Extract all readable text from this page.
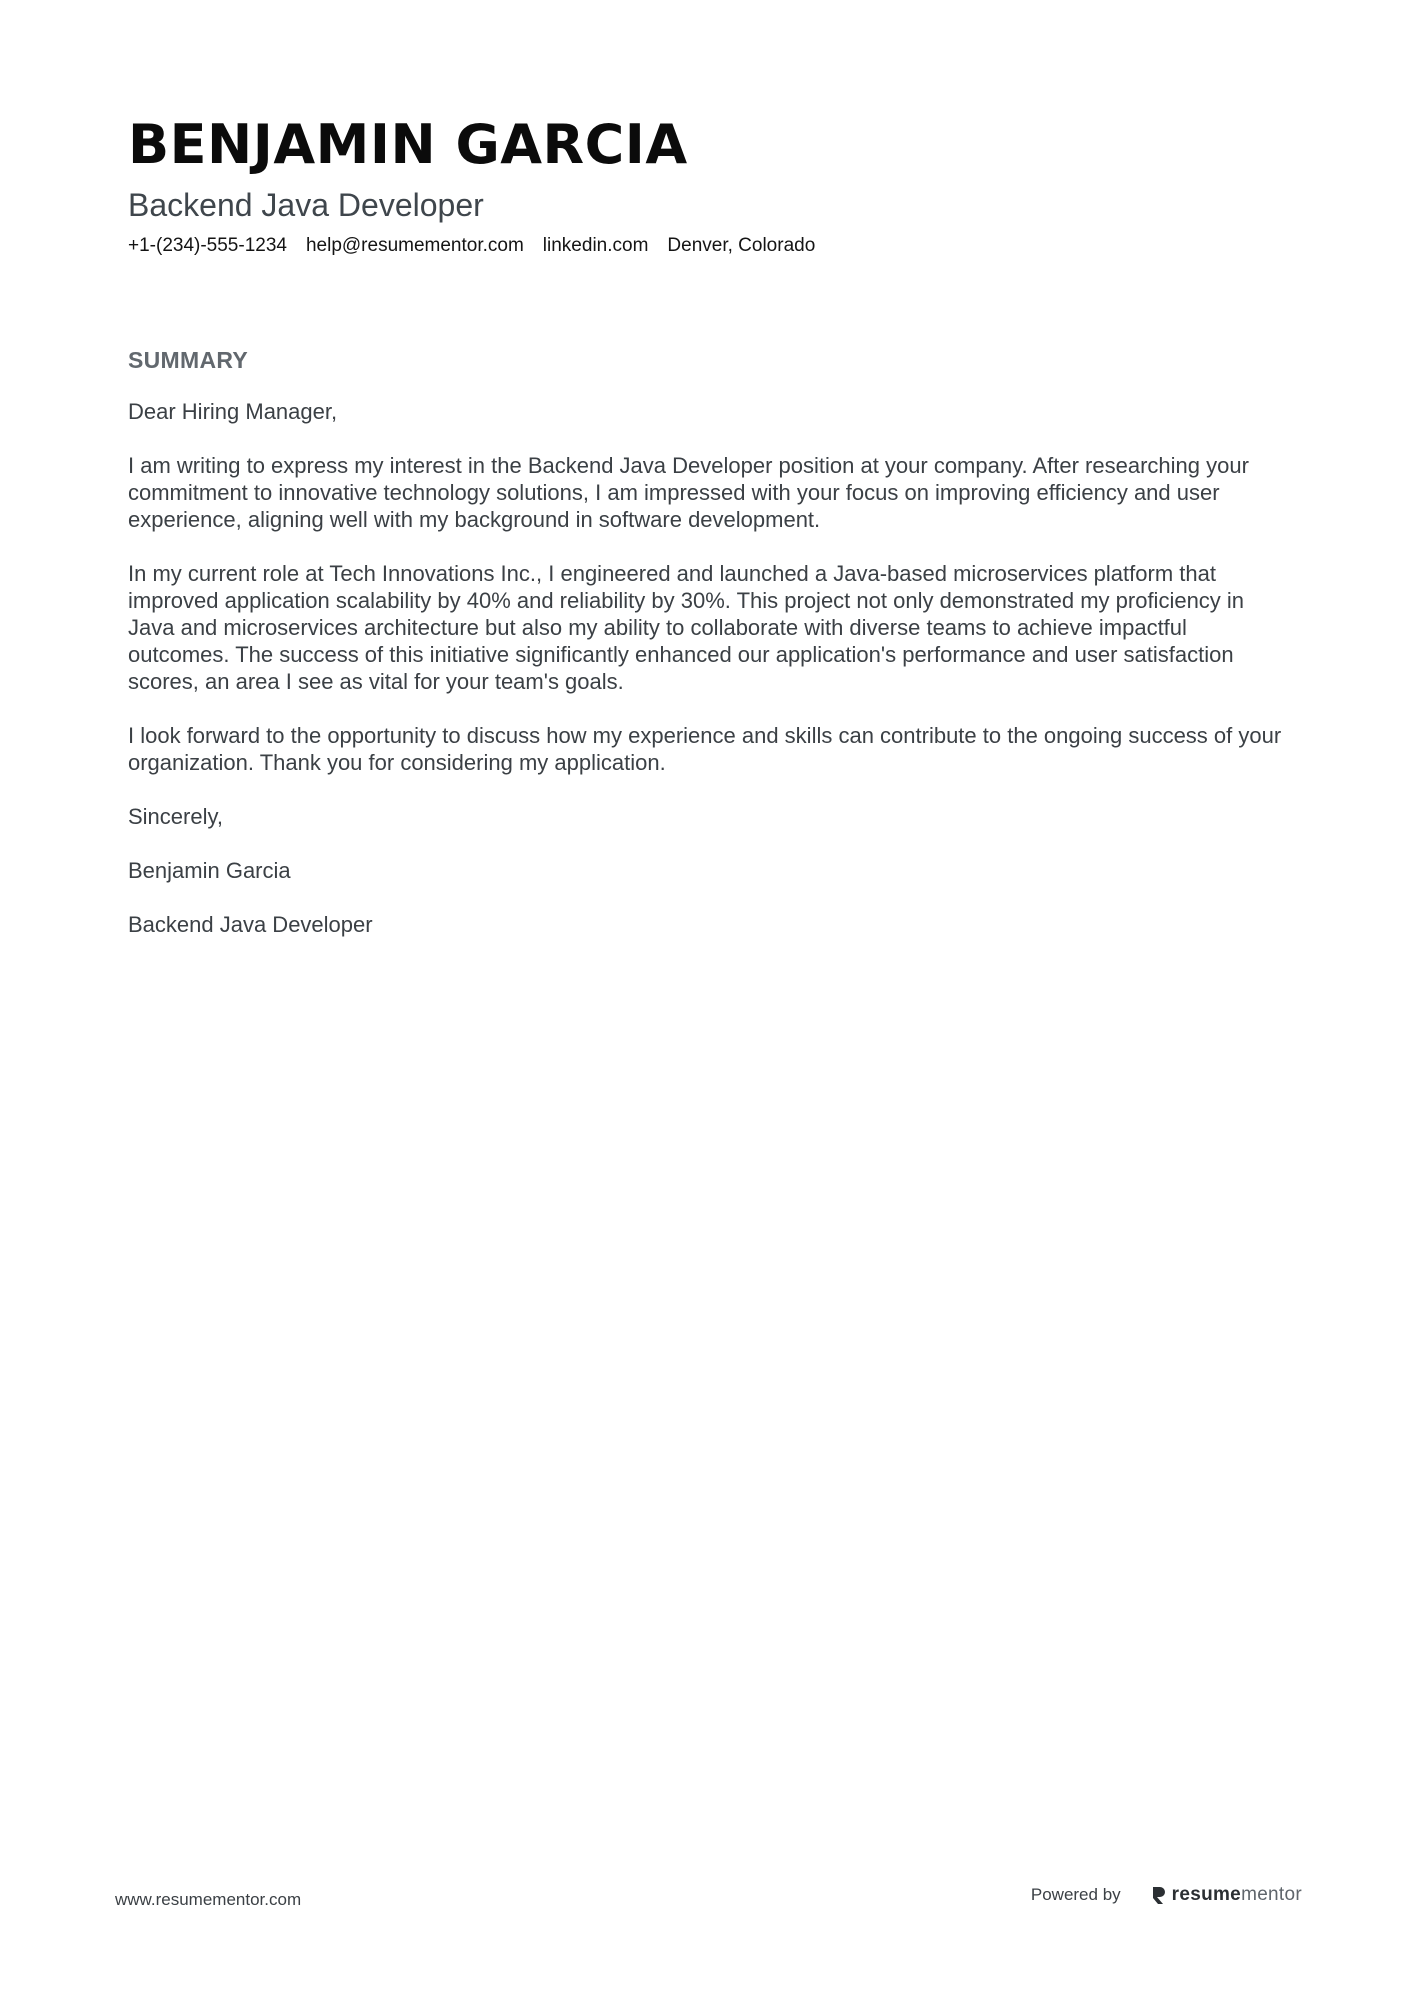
BENJAMIN GARCIA
Backend Java Developer
+1-(234)-555-1234 help@resumementor.com linkedin.com Denver, Colorado
SUMMARY

Dear Hiring Manager,

I am writing to express my interest in the Backend Java Developer position at your company. After researching your commitment to innovative technology solutions, I am impressed with your focus on improving efficiency and user experience, aligning well with my background in software development.

In my current role at Tech Innovations Inc., I engineered and launched a Java-based microservices platform that improved application scalability by 40% and reliability by 30%. This project not only demonstrated my proficiency in Java and microservices architecture but also my ability to collaborate with diverse teams to achieve impactful outcomes. The success of this initiative significantly enhanced our application's performance and user satisfaction scores, an area I see as vital for your team's goals.

I look forward to the opportunity to discuss how my experience and skills can contribute to the ongoing success of your organization. Thank you for considering my application.

Sincerely,

Benjamin Garcia

Backend Java Developer

www.resumementor.com	Powered by	resumementor
